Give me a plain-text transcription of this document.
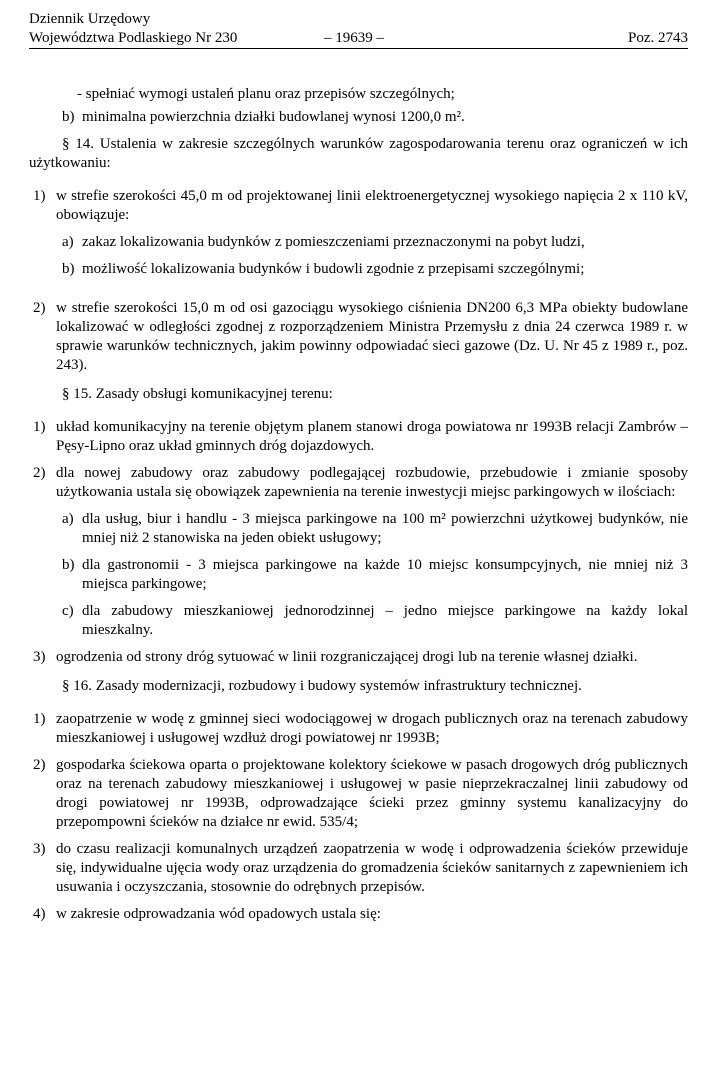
Dziennik Urzędowy
Województwa Podlaskiego Nr 230	– 19639 –	Poz. 2743

- spełniać wymogi ustaleń planu oraz przepisów szczególnych;

b) minimalna powierzchnia działki budowlanej wynosi 1200,0 m².

§ 14. Ustalenia w zakresie szczególnych warunków zagospodarowania terenu oraz ograniczeń w ich użytkowaniu:

1) w strefie szerokości 45,0 m od projektowanej linii elektroenergetycznej wysokiego napięcia 2 x 110 kV, obowiązuje:
a) zakaz lokalizowania budynków z pomieszczeniami przeznaczonymi na pobyt ludzi,
b) możliwość lokalizowania budynków i budowli zgodnie z przepisami szczególnymi;
2) w strefie szerokości 15,0 m od osi gazociągu wysokiego ciśnienia DN200 6,3 MPa obiekty budowlane lokalizować w odległości zgodnej z rozporządzeniem Ministra Przemysłu z dnia 24 czerwca 1989 r. w sprawie warunków technicznych, jakim powinny odpowiadać sieci gazowe (Dz. U. Nr 45 z 1989 r., poz. 243).

§ 15. Zasady obsługi komunikacyjnej terenu:

1) układ komunikacyjny na terenie objętym planem stanowi droga powiatowa nr 1993B relacji Zambrów – Pęsy-Lipno oraz układ gminnych dróg dojazdowych.
2) dla nowej zabudowy oraz zabudowy podlegającej rozbudowie, przebudowie i zmianie sposoby użytkowania ustala się obowiązek zapewnienia na terenie inwestycji miejsc parkingowych w ilościach:
a) dla usług, biur i handlu - 3 miejsca parkingowe na 100 m² powierzchni użytkowej budynków, nie mniej niż 2 stanowiska na jeden obiekt usługowy;
b) dla gastronomii - 3 miejsca parkingowe na każde 10 miejsc konsumpcyjnych, nie mniej niż 3 miejsca parkingowe;
c) dla zabudowy mieszkaniowej jednorodzinnej – jedno miejsce parkingowe na każdy lokal mieszkalny.
3) ogrodzenia od strony dróg sytuować w linii rozgraniczającej drogi lub na terenie własnej działki.

§ 16. Zasady modernizacji, rozbudowy i budowy systemów infrastruktury technicznej.

1) zaopatrzenie w wodę z gminnej sieci wodociągowej w drogach publicznych oraz na terenach zabudowy mieszkaniowej i usługowej wzdłuż drogi powiatowej nr 1993B;
2) gospodarka ściekowa oparta o projektowane kolektory ściekowe w pasach drogowych dróg publicznych oraz na terenach zabudowy mieszkaniowej i usługowej w pasie nieprzekraczalnej linii zabudowy od drogi powiatowej nr 1993B, odprowadzające ścieki przez gminny systemu kanalizacyjny do przepompowni ścieków na działce nr ewid. 535/4;
3) do czasu realizacji komunalnych urządzeń zaopatrzenia w wodę i odprowadzenia ścieków przewiduje się, indywidualne ujęcia wody oraz urządzenia do gromadzenia ścieków sanitarnych z zapewnieniem ich usuwania i oczyszczania, stosownie do odrębnych przepisów.
4) w zakresie odprowadzania wód opadowych ustala się:
